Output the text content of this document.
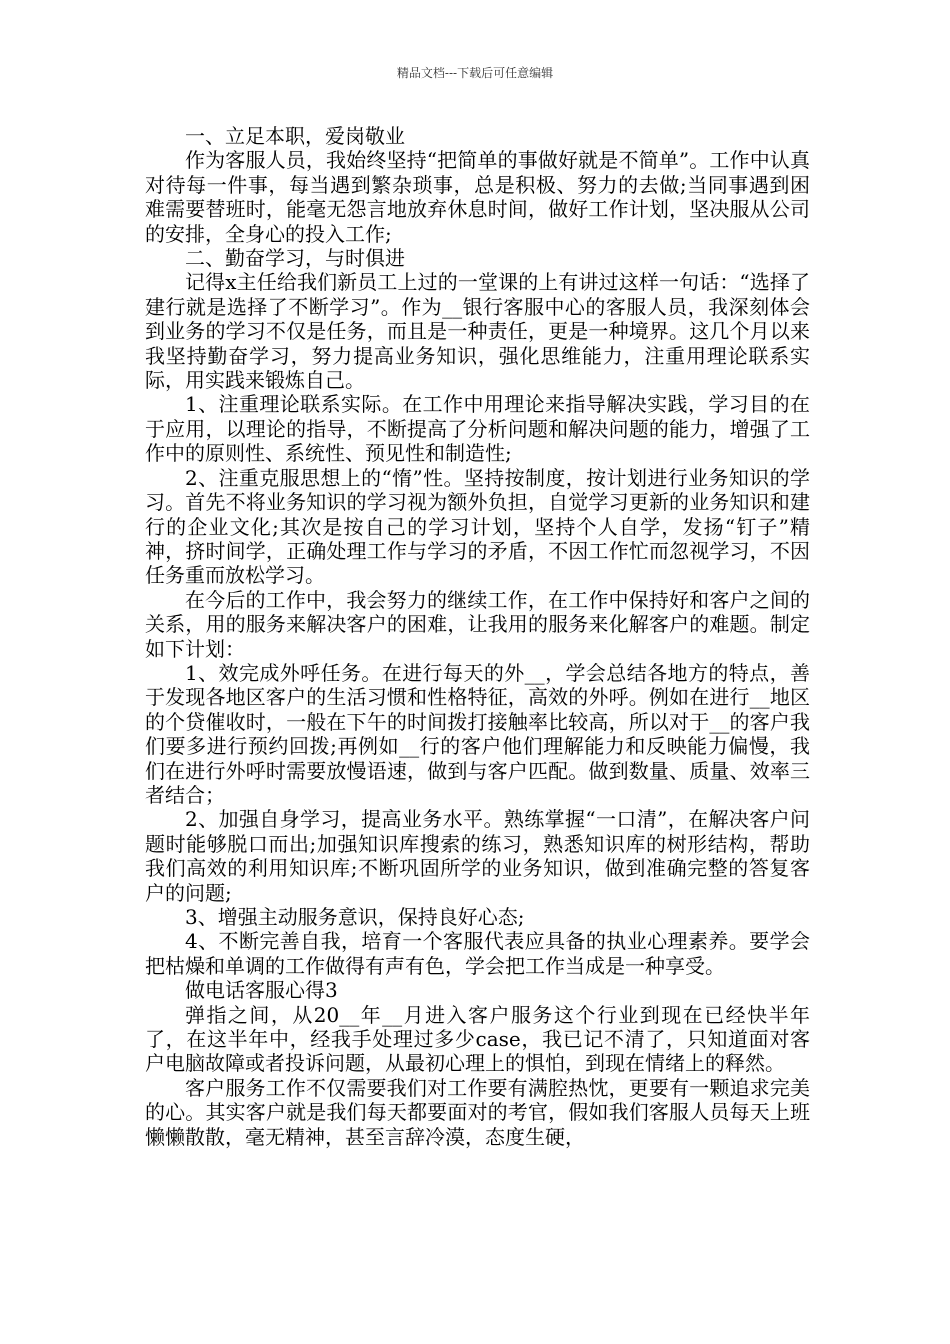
精品文档---下载后可任意编辑

一、立足本职，爱岗敬业

作为客服人员，我始终坚持“把简单的事做好就是不简单”。工作中认真对待每一件事，每当遇到繁杂琐事，总是积极、努力的去做;当同事遇到困难需要替班时，能毫无怨言地放弃休息时间，做好工作计划，坚决服从公司的安排，全身心的投入工作;

二、勤奋学习，与时俱进

记得x主任给我们新员工上过的一堂课的上有讲过这样一句话：“选择了建行就是选择了不断学习”。作为__银行客服中心的客服人员，我深刻体会到业务的学习不仅是任务，而且是一种责任，更是一种境界。这几个月以来我坚持勤奋学习，努力提高业务知识，强化思维能力，注重用理论联系实际，用实践来锻炼自己。

1、注重理论联系实际。在工作中用理论来指导解决实践，学习目的在于应用，以理论的指导，不断提高了分析问题和解决问题的能力，增强了工作中的原则性、系统性、预见性和制造性;

2、注重克服思想上的“惰”性。坚持按制度，按计划进行业务知识的学习。首先不将业务知识的学习视为额外负担，自觉学习更新的业务知识和建行的企业文化;其次是按自己的学习计划，坚持个人自学，发扬“钉子”精神，挤时间学，正确处理工作与学习的矛盾，不因工作忙而忽视学习，不因任务重而放松学习。

在今后的工作中，我会努力的继续工作，在工作中保持好和客户之间的关系，用的服务来解决客户的困难，让我用的服务来化解客户的难题。制定如下计划：

1、效完成外呼任务。在进行每天的外__，学会总结各地方的特点，善于发现各地区客户的生活习惯和性格特征，高效的外呼。例如在进行__地区的个贷催收时，一般在下午的时间拨打接触率比较高，所以对于__的客户我们要多进行预约回拨;再例如__行的客户他们理解能力和反映能力偏慢，我们在进行外呼时需要放慢语速，做到与客户匹配。做到数量、质量、效率三者结合；

2、加强自身学习，提高业务水平。熟练掌握“一口清”，在解决客户问题时能够脱口而出;加强知识库搜索的练习，熟悉知识库的树形结构，帮助我们高效的利用知识库;不断巩固所学的业务知识，做到准确完整的答复客户的问题;

3、增强主动服务意识，保持良好心态;

4、不断完善自我，培育一个客服代表应具备的执业心理素养。要学会把枯燥和单调的工作做得有声有色，学会把工作当成是一种享受。

做电话客服心得3

弹指之间，从20__年__月进入客户服务这个行业到现在已经快半年了，在这半年中，经我手处理过多少case，我已记不清了，只知道面对客户电脑故障或者投诉问题，从最初心理上的惧怕，到现在情绪上的释然。

客户服务工作不仅需要我们对工作要有满腔热忱，更要有一颗追求完美的心。其实客户就是我们每天都要面对的考官，假如我们客服人员每天上班懒懒散散，毫无精神，甚至言辞冷漠，态度生硬，
